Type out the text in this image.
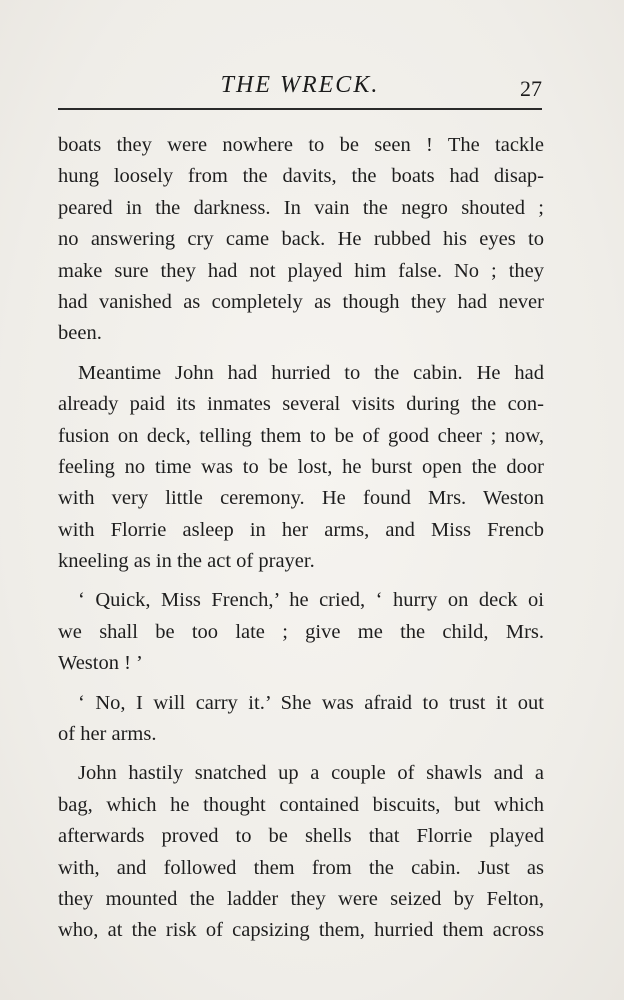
THE WRECK.	27
boats they were nowhere to be seen ! The tackle
hung loosely from the davits, the boats had disap-
peared in the darkness. In vain the negro shouted ;
no answering cry came back. He rubbed his eyes to
make sure they had not played him false. No ; they
had vanished as completely as though they had never
been.
Meantime John had hurried to the cabin. He had
already paid its inmates several visits during the con-
fusion on deck, telling them to be of good cheer ; now,
feeling no time was to be lost, he burst open the door
with very little ceremony. He found Mrs. Weston
with Florrie asleep in her arms, and Miss Frencb
kneeling as in the act of prayer.
‘ Quick, Miss French,’ he cried, ‘ hurry on deck oi
we shall be too late ; give me the child, Mrs.
Weston ! ’
‘ No, I will carry it.’ She was afraid to trust it out
of her arms.
John hastily snatched up a couple of shawls and a
bag, which he thought contained biscuits, but which
afterwards proved to be shells that Florrie played
with, and followed them from the cabin. Just as
they mounted the ladder they were seized by Felton,
who, at the risk of capsizing them, hurried them across
